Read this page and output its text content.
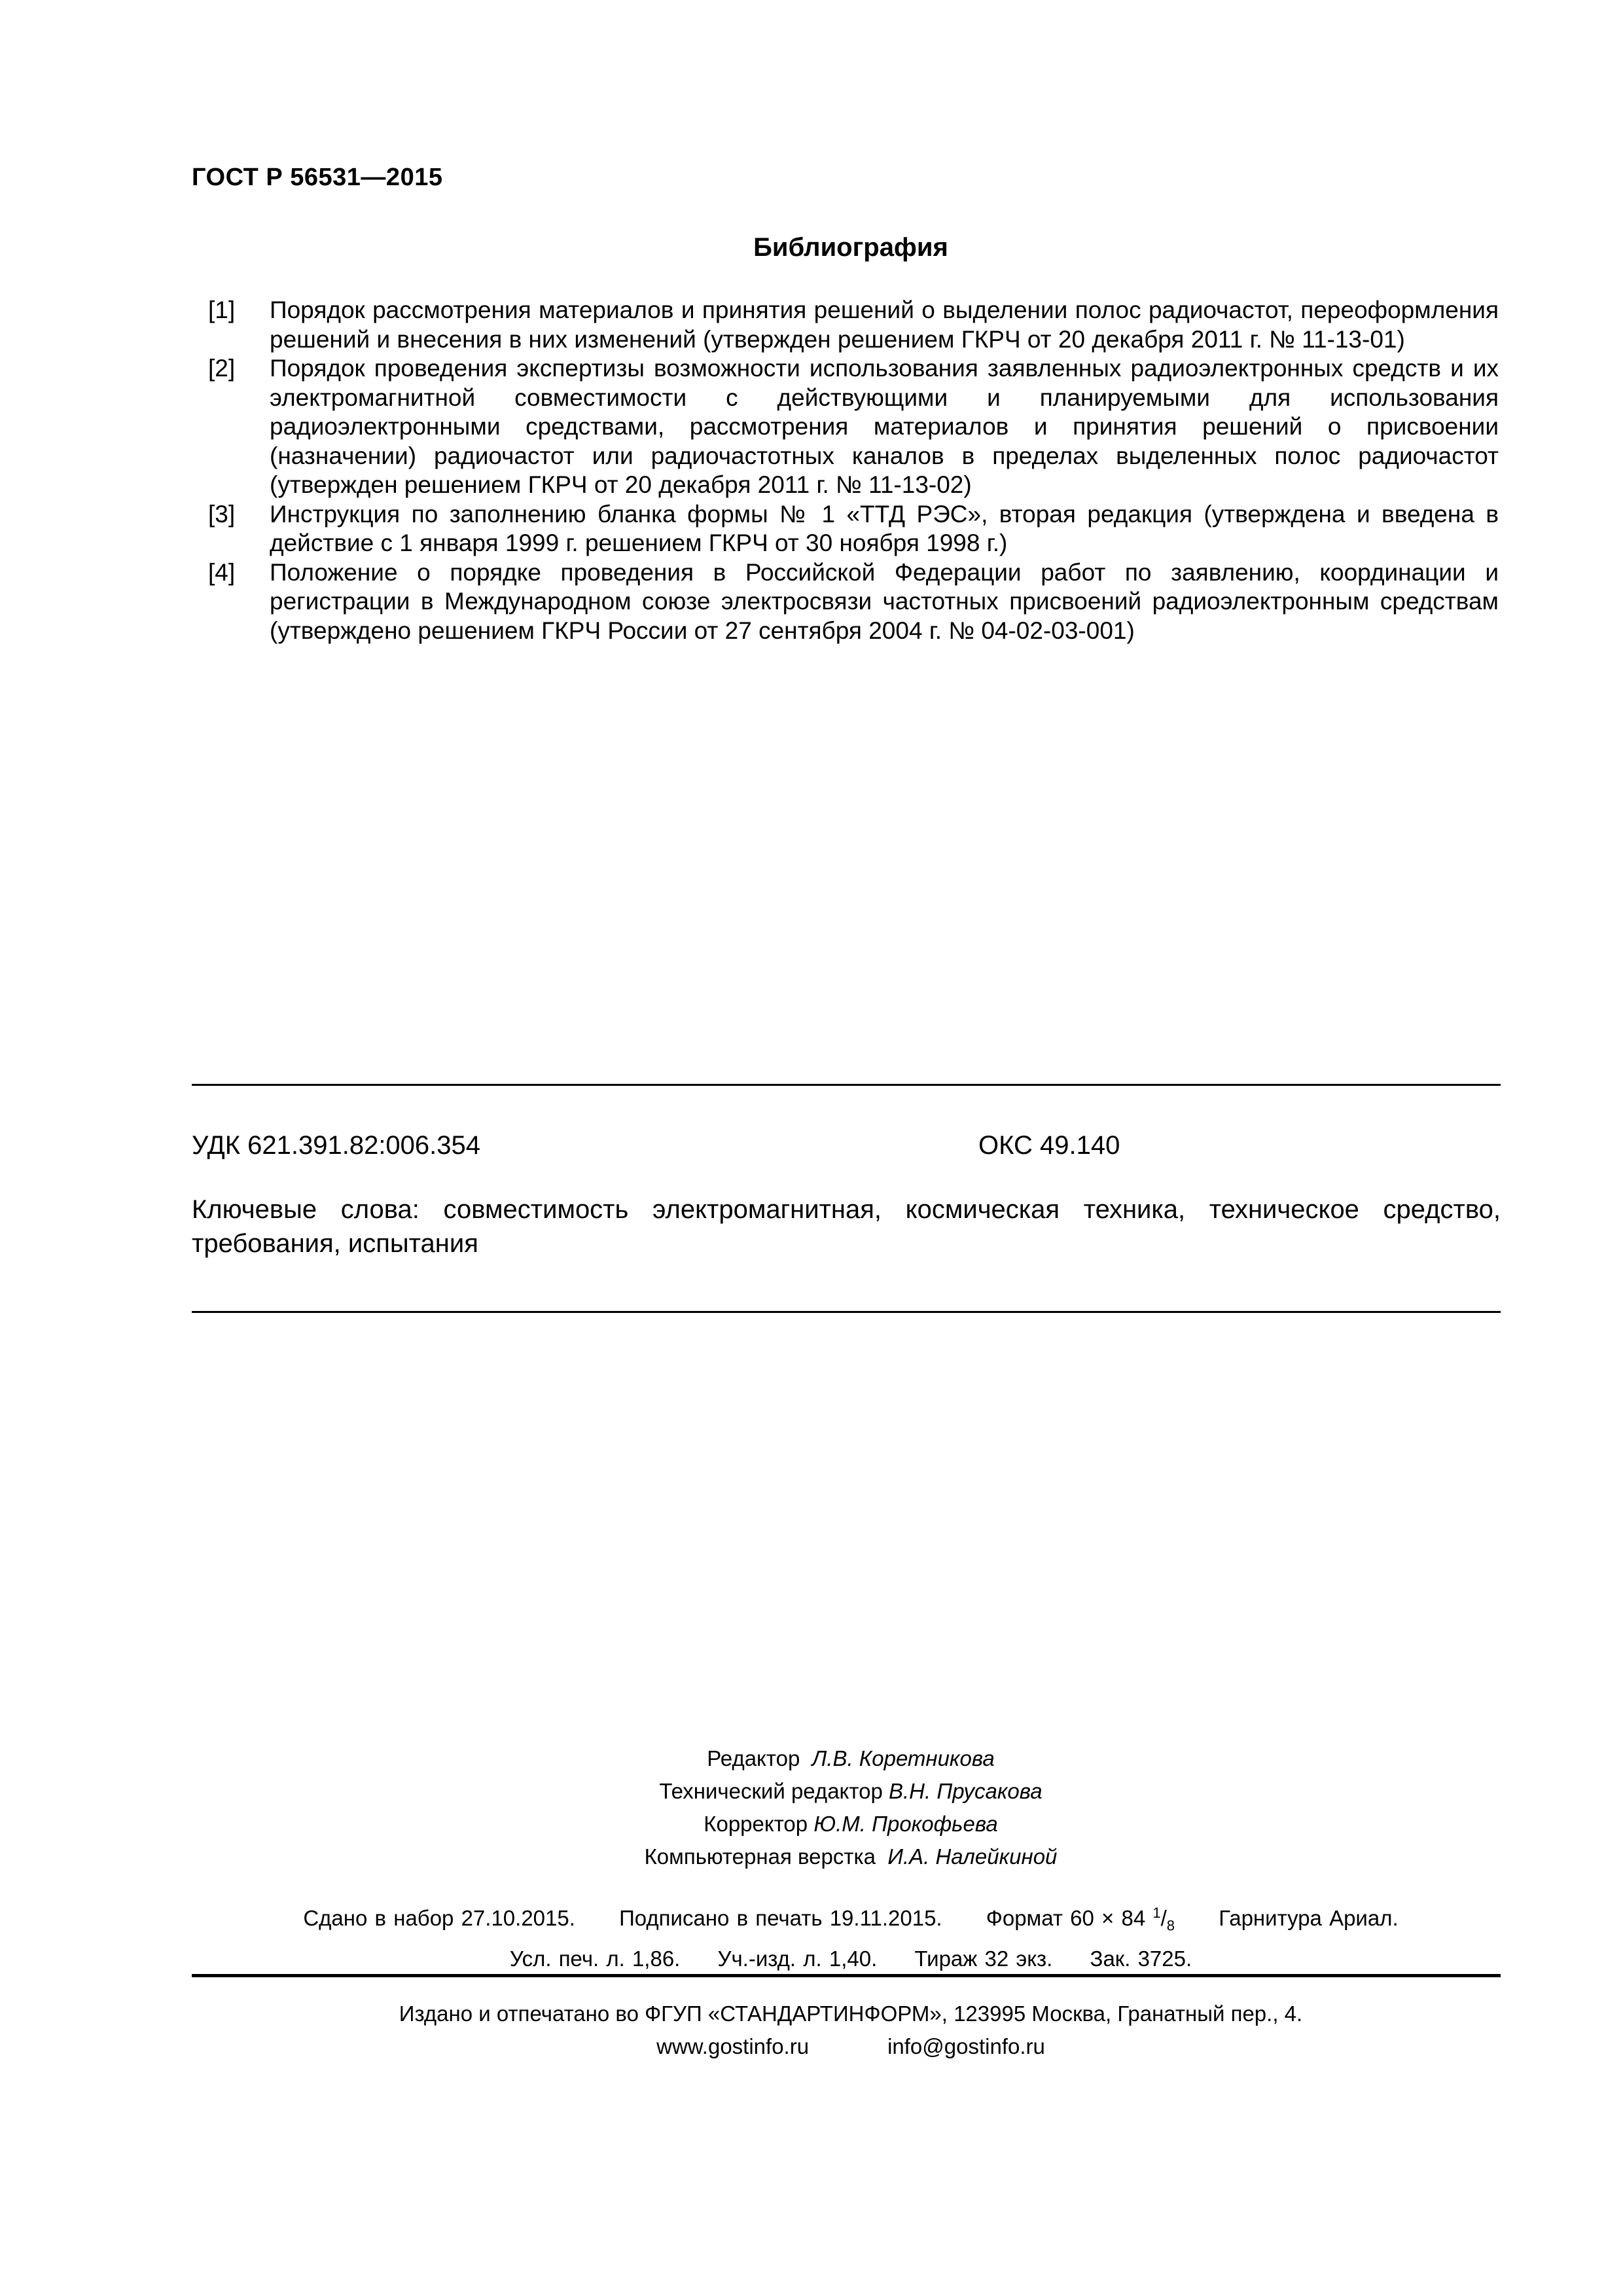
ГОСТ Р 56531—2015
Библиография
[1]	Порядок рассмотрения материалов и принятия решений о выделении полос радиочастот, переоформления решений и внесения в них изменений (утвержден решением ГКРЧ от 20 декабря 2011 г. № 11-13-01)
[2]	Порядок проведения экспертизы возможности использования заявленных радиоэлектронных средств и их электромагнитной совместимости с действующими и планируемыми для использования радиоэлектронными средствами, рассмотрения материалов и принятия решений о присвоении (назначении) радиочастот или радиочастотных каналов в пределах выделенных полос радиочастот (утвержден решением ГКРЧ от 20 декабря 2011 г. № 11-13-02)
[3]	Инструкция по заполнению бланка формы № 1 «ТТД РЭС», вторая редакция (утверждена и введена в действие с 1 января 1999 г. решением ГКРЧ от 30 ноября 1998 г.)
[4]	Положение о порядке проведения в Российской Федерации работ по заявлению, координации и регистрации в Международном союзе электросвязи частотных присвоений радиоэлектронным средствам (утверждено решением ГКРЧ России от 27 сентября 2004 г. № 04-02-03-001)
УДК 621.391.82:006.354	ОКС 49.140
Ключевые слова: совместимость электромагнитная, космическая техника, техническое средство, требования, испытания
Редактор Л.В. Коретникова
Технический редактор В.Н. Прусакова
Корректор Ю.М. Прокофьева
Компьютерная верстка И.А. Налейкиной
Сдано в набор 27.10.2015. Подписано в печать 19.11.2015. Формат 60 × 84 $^1/_8$ Гарнитура Ариал.
Усл. печ. л. 1,86. Уч.-изд. л. 1,40. Тираж 32 экз. Зак. 3725.
Издано и отпечатано во ФГУП «СТАНДАРТИНФОРМ», 123995 Москва, Гранатный пер., 4.
www.gostinfo.ru	info@gostinfo.ru
